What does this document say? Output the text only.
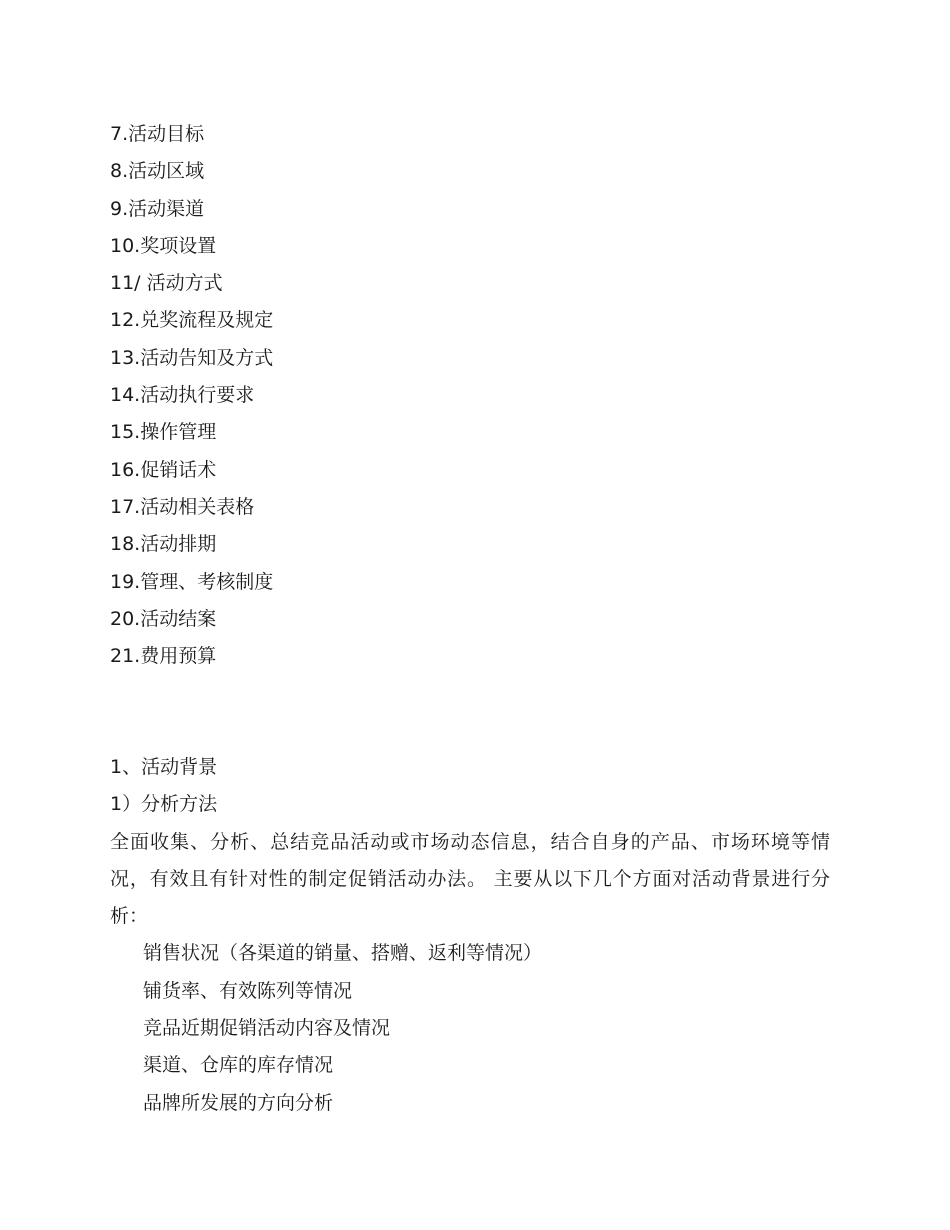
7.活动目标
8.活动区域
9.活动渠道
10.奖项设置
11/ 活动方式
12.兑奖流程及规定
13.活动告知及方式
14.活动执行要求
15.操作管理
16.促销话术
17.活动相关表格
18.活动排期
19.管理、考核制度
20.活动结案
21.费用预算
1、活动背景
1）分析方法

全面收集、分析、总结竞品活动或市场动态信息，结合自身的产品、市场环境等情况，有效且有针对性的制定促销活动办法。 主要从以下几个方面对活动背景进行分析：

销售状况（各渠道的销量、搭赠、返利等情况）
铺货率、有效陈列等情况
竞品近期促销活动内容及情况
渠道、仓库的库存情况
品牌所发展的方向分析
